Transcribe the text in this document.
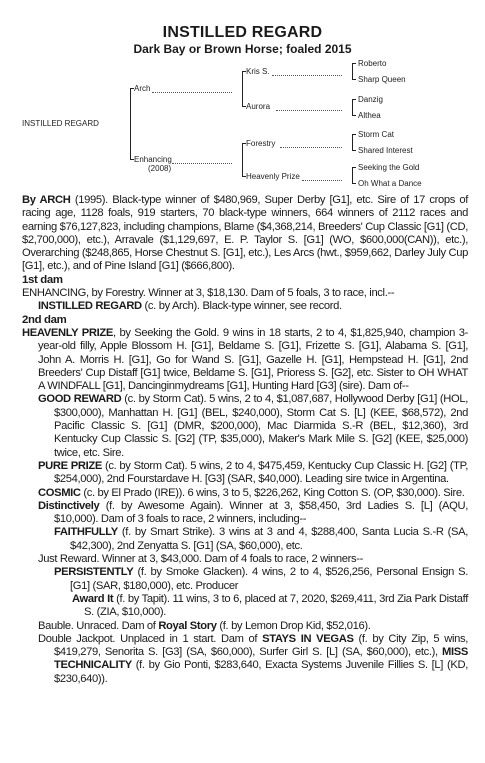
INSTILLED REGARD
Dark Bay or Brown Horse; foaled 2015
INSTILLED REGARD
Arch
Enhancing
(2008)
Kris S.
Aurora
Forestry
Heavenly Prize
Roberto
Sharp Queen
Danzig
Althea
Storm Cat
Shared Interest
Seeking the Gold
Oh What a Dance

By ARCH (1995). Black-type winner of $480,969, Super Derby [G1], etc. Sire of 17 crops of racing age, 1128 foals, 919 starters, 70 black-type winners, 664 winners of 2112 races and earning $76,127,823, including champions, Blame ($4,368,214, Breeders' Cup Classic [G1] (CD, $2,700,000), etc.), Arravale ($1,129,697, E. P. Taylor S. [G1] (WO, $600,000(CAN)), etc.), Overarching ($248,865, Horse Chestnut S. [G1], etc.), Les Arcs (hwt., $959,662, Darley July Cup [G1], etc.), and of Pine Island [G1] ($666,800).

1st dam

ENHANCING, by Forestry. Winner at 3, $18,130. Dam of 5 foals, 3 to race, incl.--

INSTILLED REGARD (c. by Arch). Black-type winner, see record.

2nd dam

HEAVENLY PRIZE, by Seeking the Gold. 9 wins in 18 starts, 2 to 4, $1,825,940, champion 3-year-old filly, Apple Blossom H. [G1], Beldame S. [G1], Frizette S. [G1], Alabama S. [G1], John A. Morris H. [G1], Go for Wand S. [G1], Gazelle H. [G1], Hempstead H. [G1], 2nd Breeders' Cup Distaff [G1] twice, Beldame S. [G1], Prioress S. [G2], etc. Sister to OH WHAT A WINDFALL [G1], Dancinginmydreams [G1], Hunting Hard [G3] (sire). Dam of--

GOOD REWARD (c. by Storm Cat). 5 wins, 2 to 4, $1,087,687, Hollywood Derby [G1] (HOL, $300,000), Manhattan H. [G1] (BEL, $240,000), Storm Cat S. [L] (KEE, $68,572), 2nd Pacific Classic S. [G1] (DMR, $200,000), Mac Diarmida S.-R (BEL, $12,360), 3rd Kentucky Cup Classic S. [G2] (TP, $35,000), Maker's Mark Mile S. [G2] (KEE, $25,000) twice, etc. Sire.

PURE PRIZE (c. by Storm Cat). 5 wins, 2 to 4, $475,459, Kentucky Cup Classic H. [G2] (TP, $254,000), 2nd Fourstardave H. [G3] (SAR, $40,000). Leading sire twice in Argentina.

COSMIC (c. by El Prado (IRE)). 6 wins, 3 to 5, $226,262, King Cotton S. (OP, $30,000). Sire.

Distinctively (f. by Awesome Again). Winner at 3, $58,450, 3rd Ladies S. [L] (AQU, $10,000). Dam of 3 foals to race, 2 winners, including--

FAITHFULLY (f. by Smart Strike). 3 wins at 3 and 4, $288,400, Santa Lucia S.-R (SA, $42,300), 2nd Zenyatta S. [G1] (SA, $60,000), etc.

Just Reward. Winner at 3, $43,000. Dam of 4 foals to race, 2 winners--

PERSISTENTLY (f. by Smoke Glacken). 4 wins, 2 to 4, $526,256, Personal Ensign S. [G1] (SAR, $180,000), etc. Producer

Award It (f. by Tapit). 11 wins, 3 to 6, placed at 7, 2020, $269,411, 3rd Zia Park Distaff S. (ZIA, $10,000).

Bauble. Unraced. Dam of Royal Story (f. by Lemon Drop Kid, $52,016).

Double Jackpot. Unplaced in 1 start. Dam of STAYS IN VEGAS (f. by City Zip, 5 wins, $419,279, Senorita S. [G3] (SA, $60,000), Surfer Girl S. [L] (SA, $60,000), etc.), MISS TECHNICALITY (f. by Gio Ponti, $283,640, Exacta Systems Juvenile Fillies S. [L] (KD, $230,640)).
